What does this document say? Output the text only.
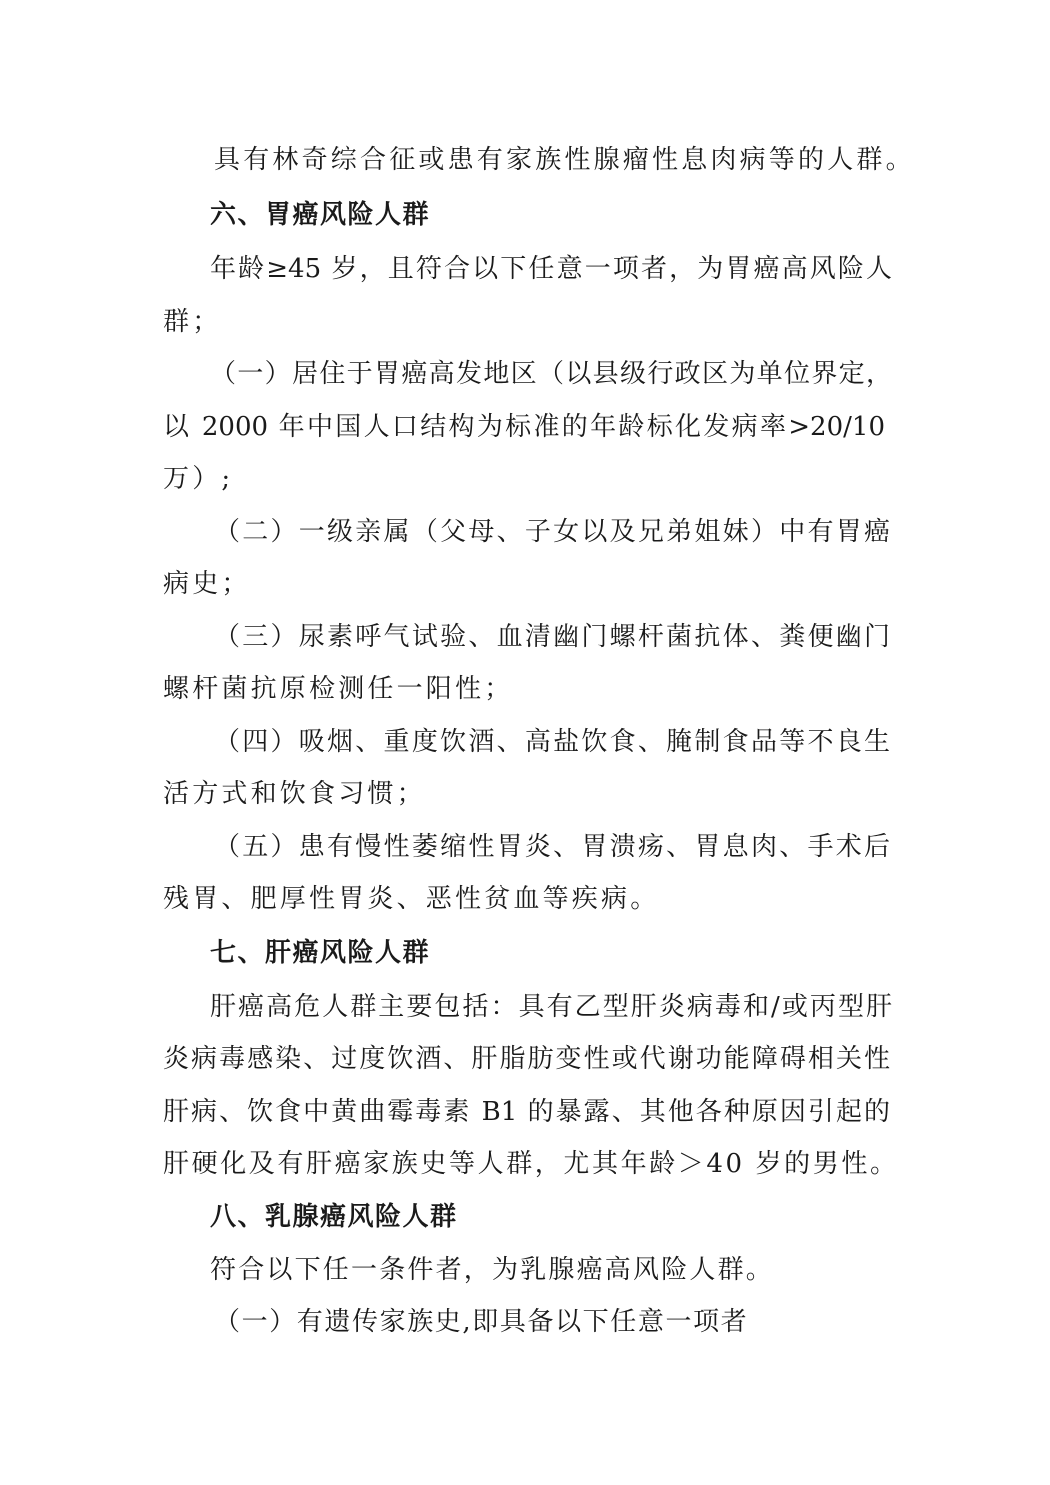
具有林奇综合征或患有家族性腺瘤性息肉病等的人群。
六、胃癌风险人群
年龄≥45 岁，且符合以下任意一项者，为胃癌高风险人
群；
（一）居住于胃癌高发地区（以县级行政区为单位界定，
以 2000 年中国人口结构为标准的年龄标化发病率>20/10
万）;
（二）一级亲属（父母、子女以及兄弟姐妹）中有胃癌
病史；
（三）尿素呼气试验、血清幽门螺杆菌抗体、粪便幽门
螺杆菌抗原检测任一阳性；
（四）吸烟、重度饮酒、高盐饮食、腌制食品等不良生
活方式和饮食习惯；
（五）患有慢性萎缩性胃炎、胃溃疡、胃息肉、手术后
残胃、肥厚性胃炎、恶性贫血等疾病。
七、肝癌风险人群
肝癌高危人群主要包括：具有乙型肝炎病毒和/或丙型肝
炎病毒感染、过度饮酒、肝脂肪变性或代谢功能障碍相关性
肝病、饮食中黄曲霉毒素 B1 的暴露、其他各种原因引起的
肝硬化及有肝癌家族史等人群，尤其年龄＞40 岁的男性。
八、乳腺癌风险人群
符合以下任一条件者，为乳腺癌高风险人群。
（一）有遗传家族史,即具备以下任意一项者
